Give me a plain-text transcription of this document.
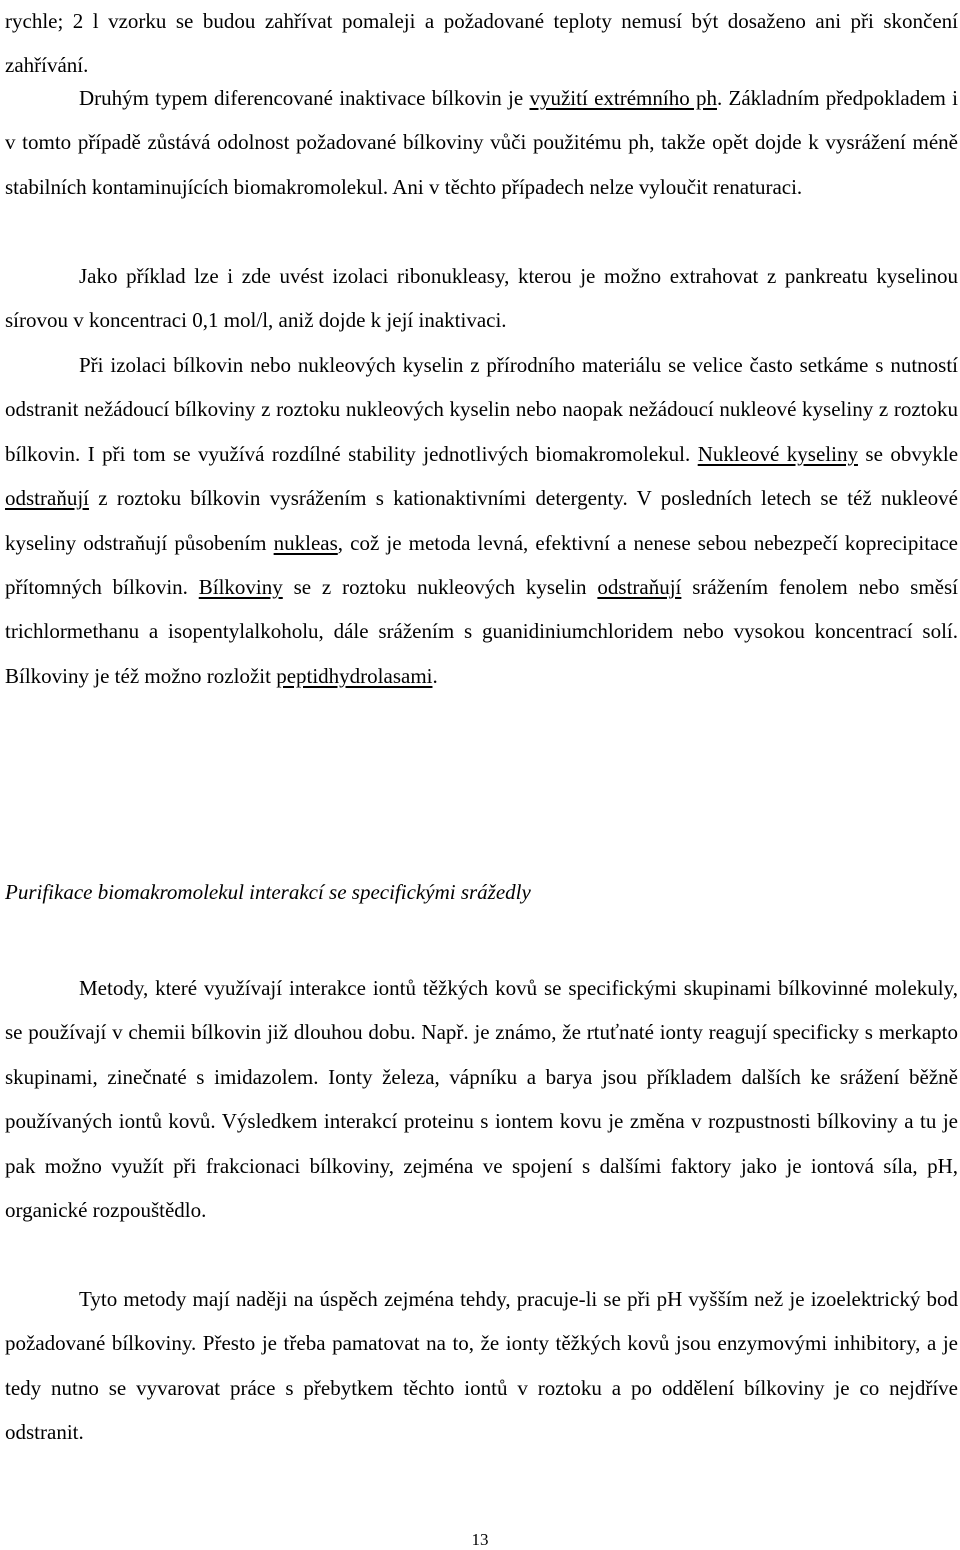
rychle; 2 l vzorku se budou zahřívat pomaleji a požadované teploty nemusí být dosaženo ani při skončení zahřívání.

Druhým typem diferencované inaktivace bílkovin je využití extrémního ph. Základním předpokladem i v tomto případě zůstává odolnost požadované bílkoviny vůči použitému ph, takže opět dojde k vysrážení méně stabilních kontaminujících biomakromolekul. Ani v těchto případech nelze vyloučit renaturaci.

Jako příklad lze i zde uvést izolaci ribonukleasy, kterou je možno extrahovat z pankreatu kyselinou sírovou v koncentraci 0,1 mol/l, aniž dojde k její inaktivaci.

Při izolaci bílkovin nebo nukleových kyselin z přírodního materiálu se velice často setkáme s nutností odstranit nežádoucí bílkoviny z roztoku nukleových kyselin nebo naopak nežádoucí nukleové kyseliny z roztoku bílkovin. I při tom se využívá rozdílné stability jednotlivých biomakromolekul. Nukleové kyseliny se obvykle odstraňují z roztoku bílkovin vysrážením s kationaktivními detergenty. V posledních letech se též nukleové kyseliny odstraňují působením nukleas, což je metoda levná, efektivní a nenese sebou nebezpečí koprecipitace přítomných bílkovin. Bílkoviny se z roztoku nukleových kyselin odstraňují srážením fenolem nebo směsí trichlormethanu a isopentylalkoholu, dále srážením s guanidiniumchloridem nebo vysokou koncentrací solí. Bílkoviny je též možno rozložit peptidhydrolasami.

Purifikace biomakromolekul interakcí se specifickými srážedly

Metody, které využívají interakce iontů těžkých kovů se specifickými skupinami bílkovinné molekuly, se používají v chemii bílkovin již dlouhou dobu. Např. je známo, že rtuťnaté ionty reagují specificky s merkapto skupinami, zinečnaté s imidazolem. Ionty železa, vápníku a barya jsou příkladem dalších ke srážení běžně používaných iontů kovů. Výsledkem interakcí proteinu s iontem kovu je změna v rozpustnosti bílkoviny a tu je pak možno využít při frakcionaci bílkoviny, zejména ve spojení s dalšími faktory jako je iontová síla, pH, organické rozpouštědlo.

Tyto metody mají naději na úspěch zejména tehdy, pracuje-li se při pH vyšším než je izoelektrický bod požadované bílkoviny. Přesto je třeba pamatovat na to, že ionty těžkých kovů jsou enzymovými inhibitory, a je tedy nutno se vyvarovat práce s přebytkem těchto iontů v roztoku a po oddělení bílkoviny je co nejdříve odstranit.

13
